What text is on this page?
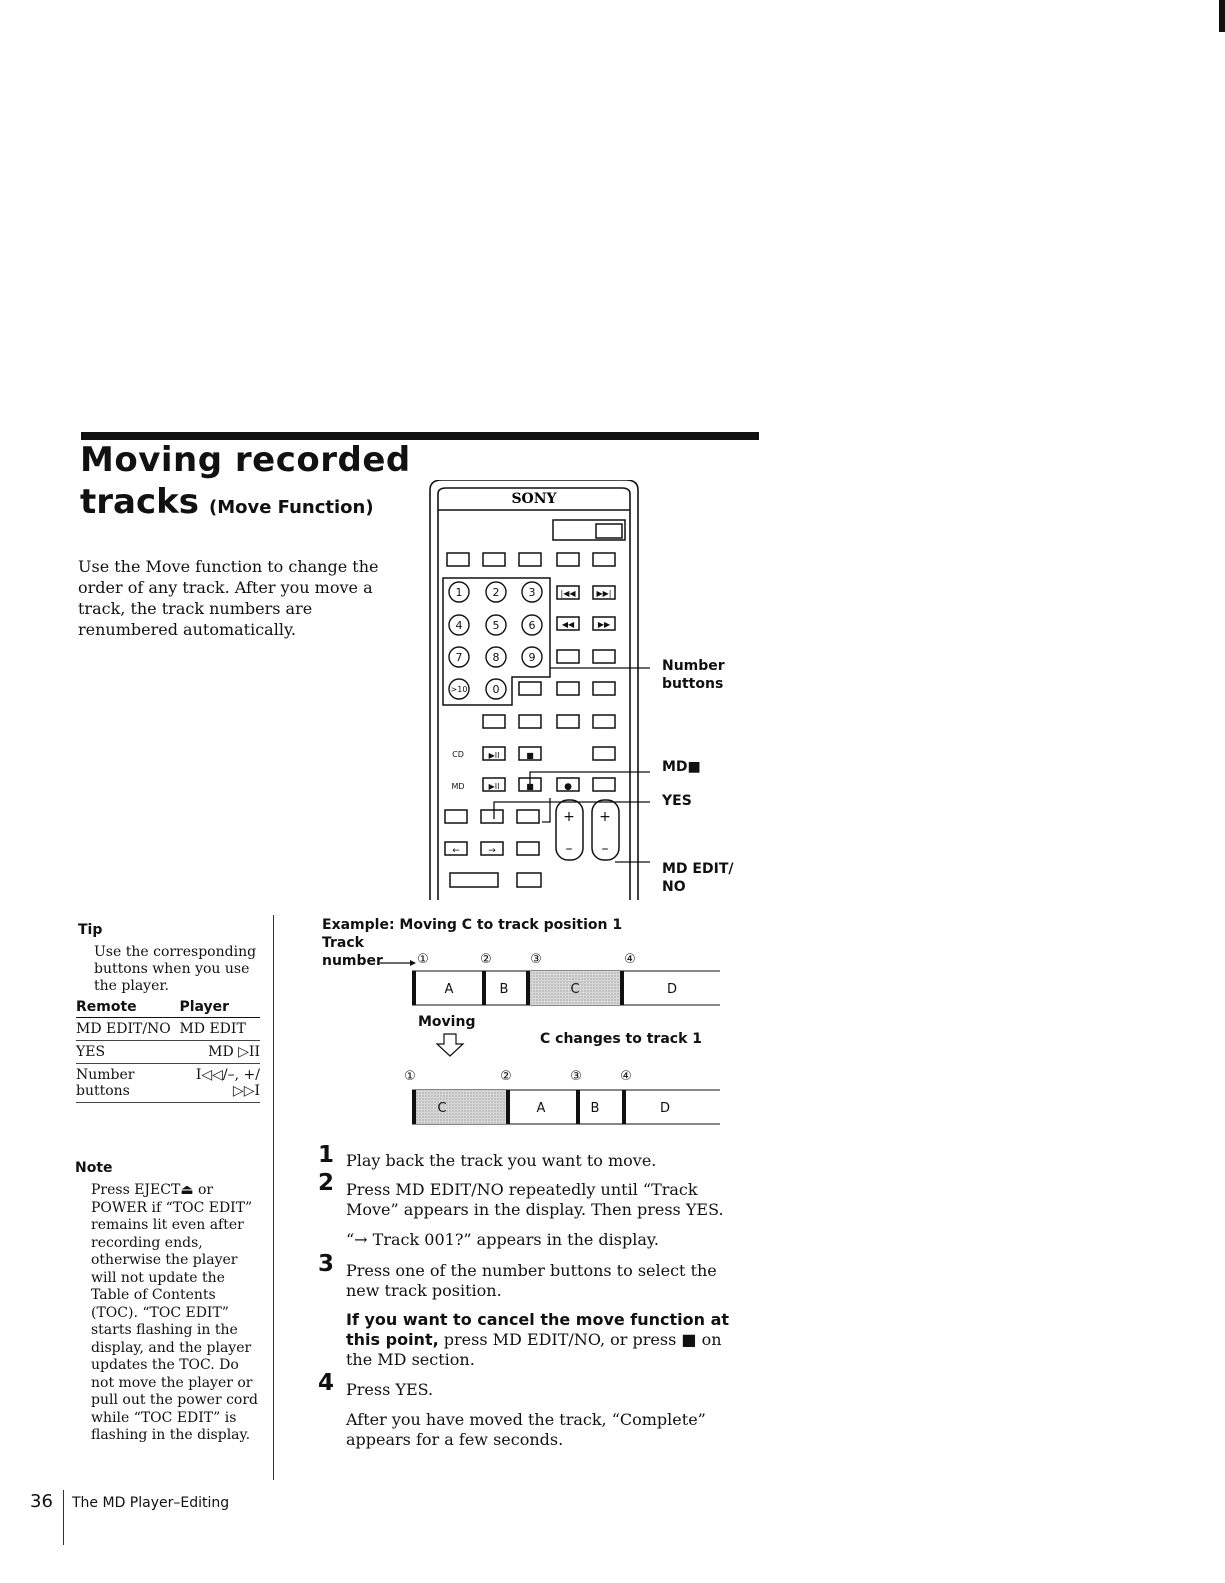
Moving recorded
tracks (Move Function)
Use the Move function to change the order of any track. After you move a track, the track numbers are renumbered automatically.
SONY
1	2	3
4	5	6
7	8	9
>10 0
|◀◀	▶▶|
◀◀	▶▶
▶II	■
▶II	■	●
+ +
– –
←	→
CD
MD
Number
buttons
MD■
YES
MD EDIT/
NO
Tip
Use the corresponding buttons when you use the player.
Remote	Player
MD EDIT/NO	MD EDIT
YES	MD ▷II
Number buttons	I◁◁/–, +/▷▷I
Note
Press EJECT⏏ or POWER if “TOC EDIT” remains lit even after recording ends, otherwise the player will not update the Table of Contents (TOC). “TOC EDIT” starts flashing in the display, and the player updates the TOC. Do not move the player or pull out the power cord while “TOC EDIT” is flashing in the display.
Example: Moving C to track position 1
Track
number	①	②	③	④
A	B	C	D
Moving
C changes to track 1
①	②	③	④
C	A	B	D
1 Play back the track you want to move.
2 Press MD EDIT/NO repeatedly until “Track Move” appears in the display. Then press YES.
“→ Track 001?” appears in the display.
3 Press one of the number buttons to select the new track position.
If you want to cancel the move function at this point, press MD EDIT/NO, or press ■ on the MD section.
4 Press YES.
After you have moved the track, “Complete” appears for a few seconds.
36 The MD Player–Editing
